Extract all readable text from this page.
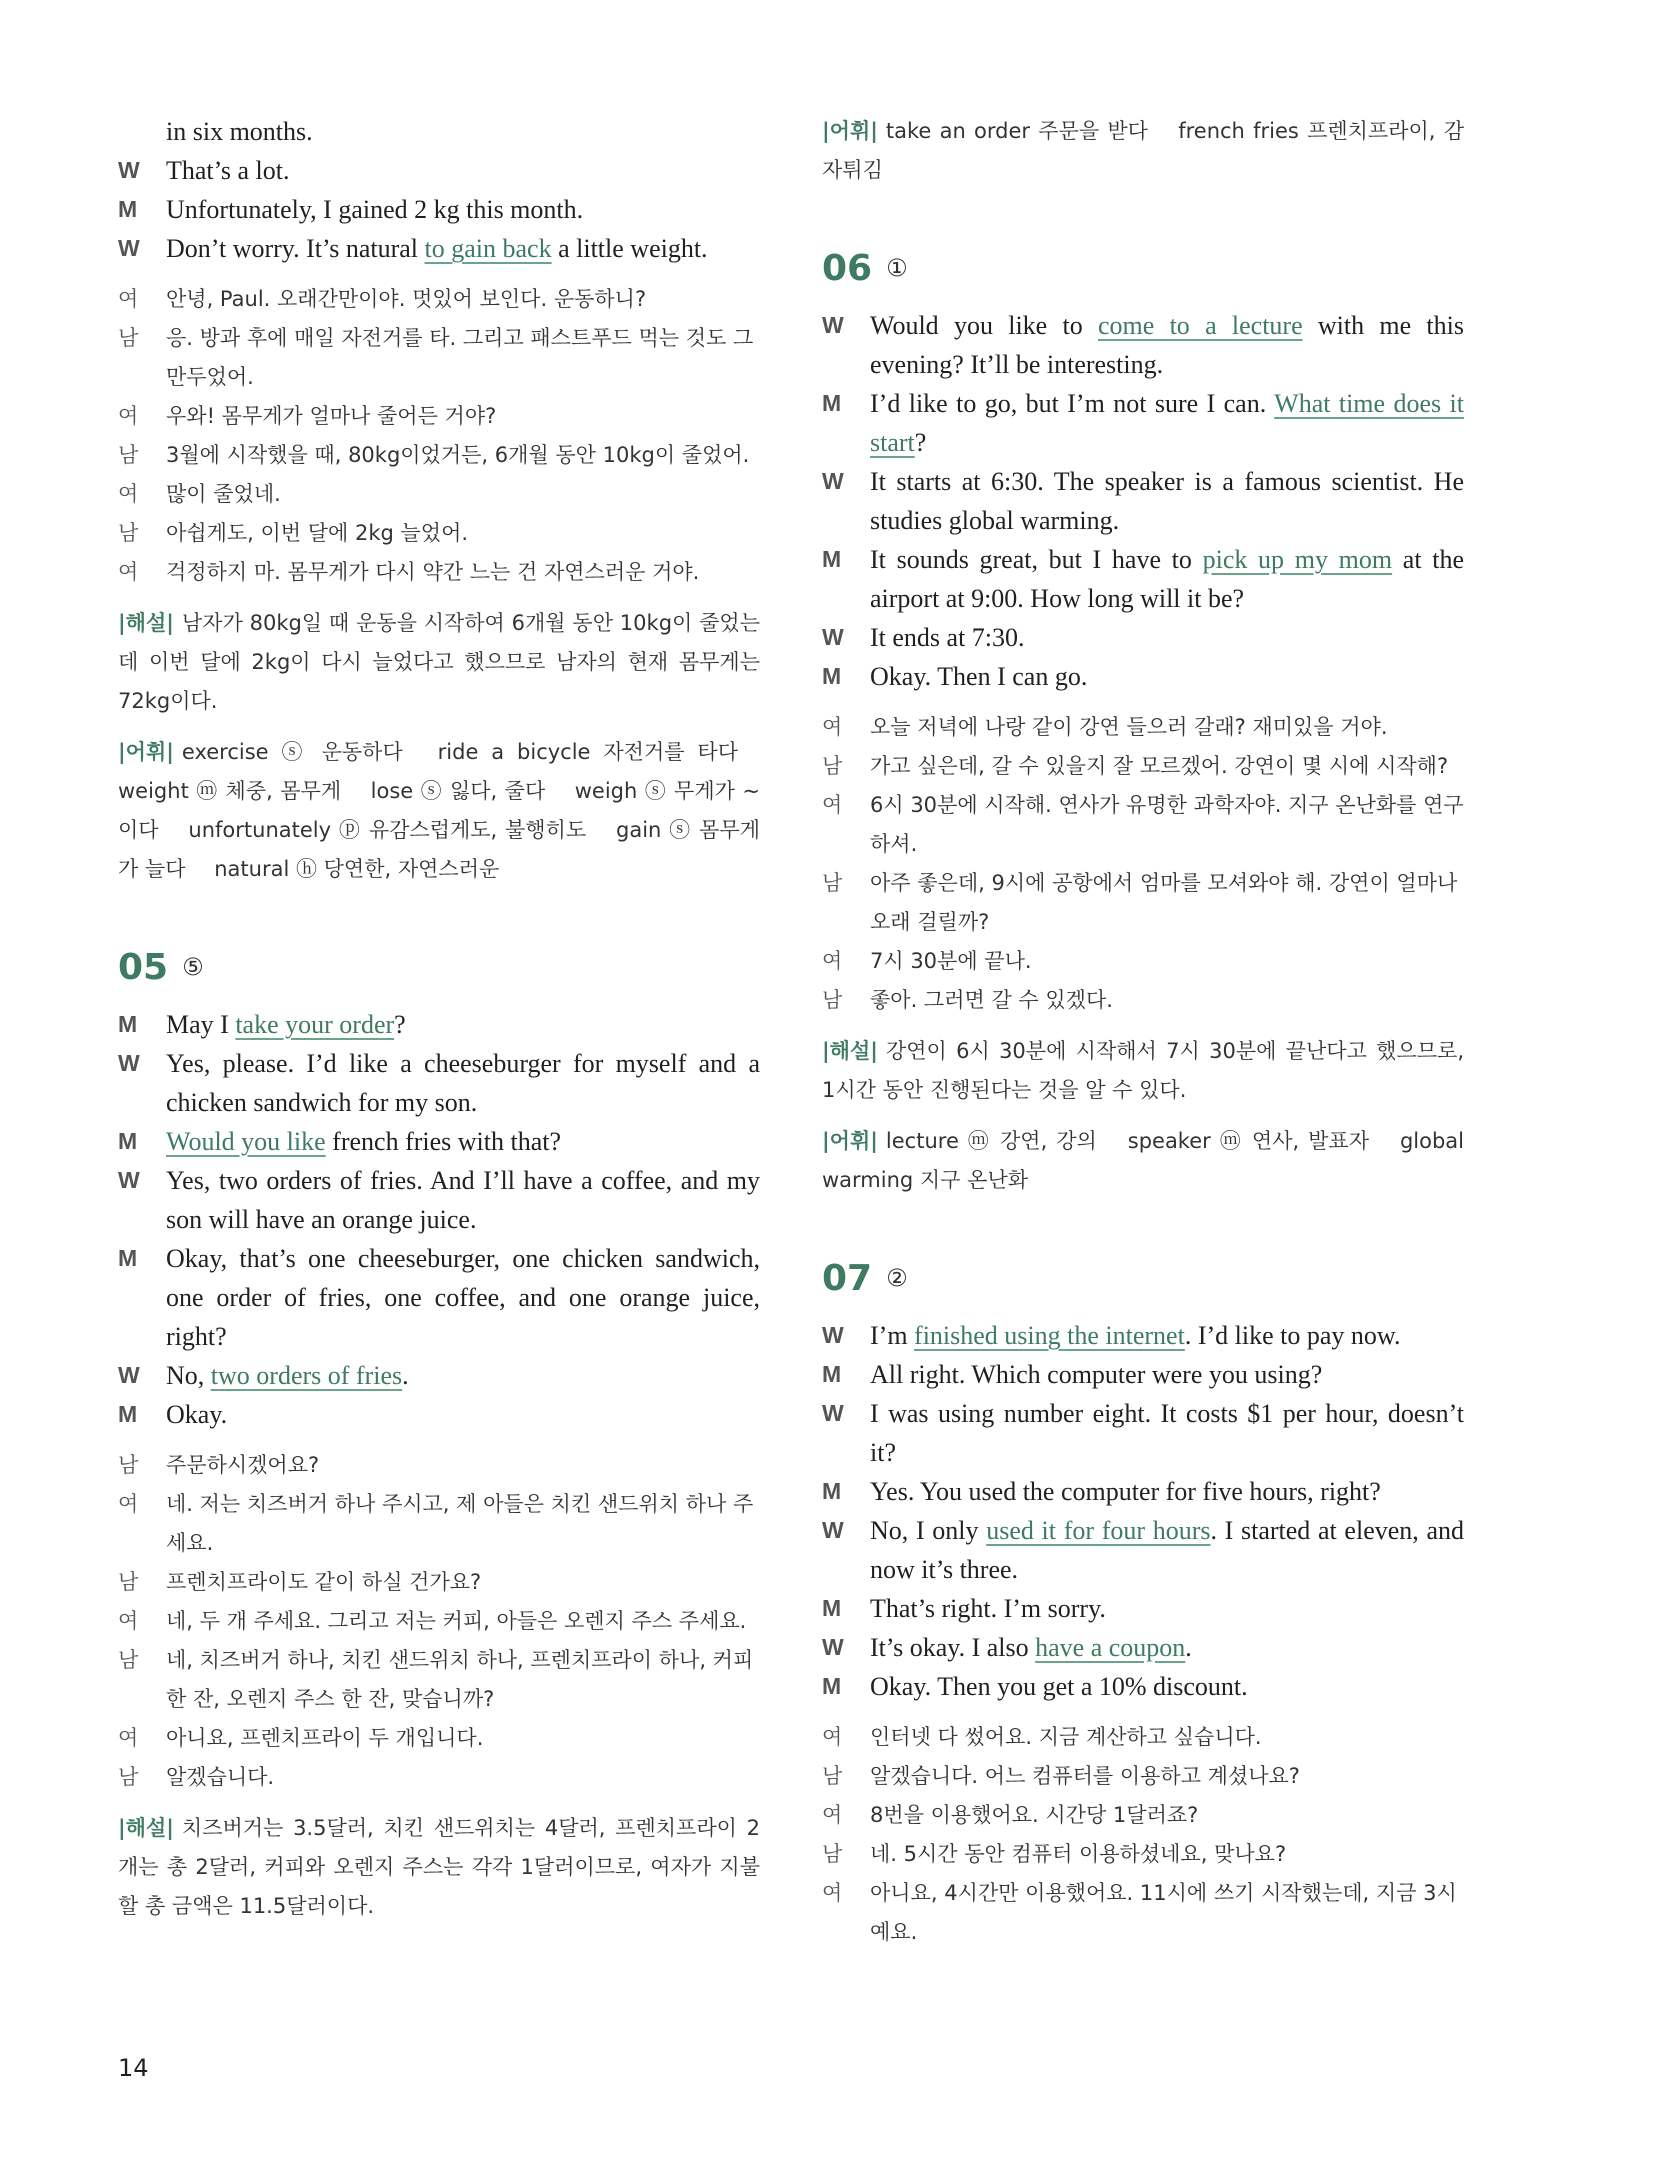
in six months.
W	That’s a lot.
M	Unfortunately, I gained 2 kg this month.
W	Don’t worry. It’s natural to gain back a little weight.
여	안녕, Paul. 오래간만이야. 멋있어 보인다. 운동하니?
남	응. 방과 후에 매일 자전거를 타. 그리고 패스트푸드 먹는 것도 그만두었어.
여	우와! 몸무게가 얼마나 줄어든 거야?
남	3월에 시작했을 때, 80kg이었거든, 6개월 동안 10kg이 줄었어.
여	많이 줄었네.
남	아쉽게도, 이번 달에 2kg 늘었어.
여	걱정하지 마. 몸무게가 다시 약간 느는 건 자연스러운 거야.
|해설| 남자가 80kg일 때 운동을 시작하여 6개월 동안 10kg이 줄었는데 이번 달에 2kg이 다시 늘었다고 했으므로 남자의 현재 몸무게는 72kg이다.
|어휘| exercise ⓢ 운동하다 ride a bicycle 자전거를 타다 weight ⓜ 체중, 몸무게 lose ⓢ 잃다, 줄다 weigh ⓢ 무게가 ~이다 unfortunately ⓟ 유감스럽게도, 불행히도 gain ⓢ 몸무게가 늘다 natural ⓗ 당연한, 자연스러운
05 ⑤
M	May I take your order?
W	Yes, please. I’d like a cheeseburger for myself and a chicken sandwich for my son.
M	Would you like french fries with that?
W	Yes, two orders of fries. And I’ll have a coffee, and my son will have an orange juice.
M	Okay, that’s one cheeseburger, one chicken sandwich, one order of fries, one coffee, and one orange juice, right?
W	No, two orders of fries.
M	Okay.
남	주문하시겠어요?
여	네. 저는 치즈버거 하나 주시고, 제 아들은 치킨 샌드위치 하나 주세요.
남	프렌치프라이도 같이 하실 건가요?
여	네, 두 개 주세요. 그리고 저는 커피, 아들은 오렌지 주스 주세요.
남	네, 치즈버거 하나, 치킨 샌드위치 하나, 프렌치프라이 하나, 커피 한 잔, 오렌지 주스 한 잔, 맞습니까?
여	아니요, 프렌치프라이 두 개입니다.
남	알겠습니다.
|해설| 치즈버거는 3.5달러, 치킨 샌드위치는 4달러, 프렌치프라이 2개는 총 2달러, 커피와 오렌지 주스는 각각 1달러이므로, 여자가 지불할 총 금액은 11.5달러이다.
|어휘| take an order 주문을 받다 french fries 프렌치프라이, 감자튀김
06 ①
W	Would you like to come to a lecture with me this evening? It’ll be interesting.
M	I’d like to go, but I’m not sure I can. What time does it start?
W	It starts at 6:30. The speaker is a famous scientist. He studies global warming.
M	It sounds great, but I have to pick up my mom at the airport at 9:00. How long will it be?
W	It ends at 7:30.
M	Okay. Then I can go.
여	오늘 저녁에 나랑 같이 강연 들으러 갈래? 재미있을 거야.
남	가고 싶은데, 갈 수 있을지 잘 모르겠어. 강연이 몇 시에 시작해?
여	6시 30분에 시작해. 연사가 유명한 과학자야. 지구 온난화를 연구하셔.
남	아주 좋은데, 9시에 공항에서 엄마를 모셔와야 해. 강연이 얼마나 오래 걸릴까?
여	7시 30분에 끝나.
남	좋아. 그러면 갈 수 있겠다.
|해설| 강연이 6시 30분에 시작해서 7시 30분에 끝난다고 했으므로, 1시간 동안 진행된다는 것을 알 수 있다.
|어휘| lecture ⓜ 강연, 강의 speaker ⓜ 연사, 발표자 global warming 지구 온난화
07 ②
W	I’m finished using the internet. I’d like to pay now.
M	All right. Which computer were you using?
W	I was using number eight. It costs $1 per hour, doesn’t it?
M	Yes. You used the computer for five hours, right?
W	No, I only used it for four hours. I started at eleven, and now it’s three.
M	That’s right. I’m sorry.
W	It’s okay. I also have a coupon.
M	Okay. Then you get a 10% discount.
여	인터넷 다 썼어요. 지금 계산하고 싶습니다.
남	알겠습니다. 어느 컴퓨터를 이용하고 계셨나요?
여	8번을 이용했어요. 시간당 1달러죠?
남	네. 5시간 동안 컴퓨터 이용하셨네요, 맞나요?
여	아니요, 4시간만 이용했어요. 11시에 쓰기 시작했는데, 지금 3시예요.
14
